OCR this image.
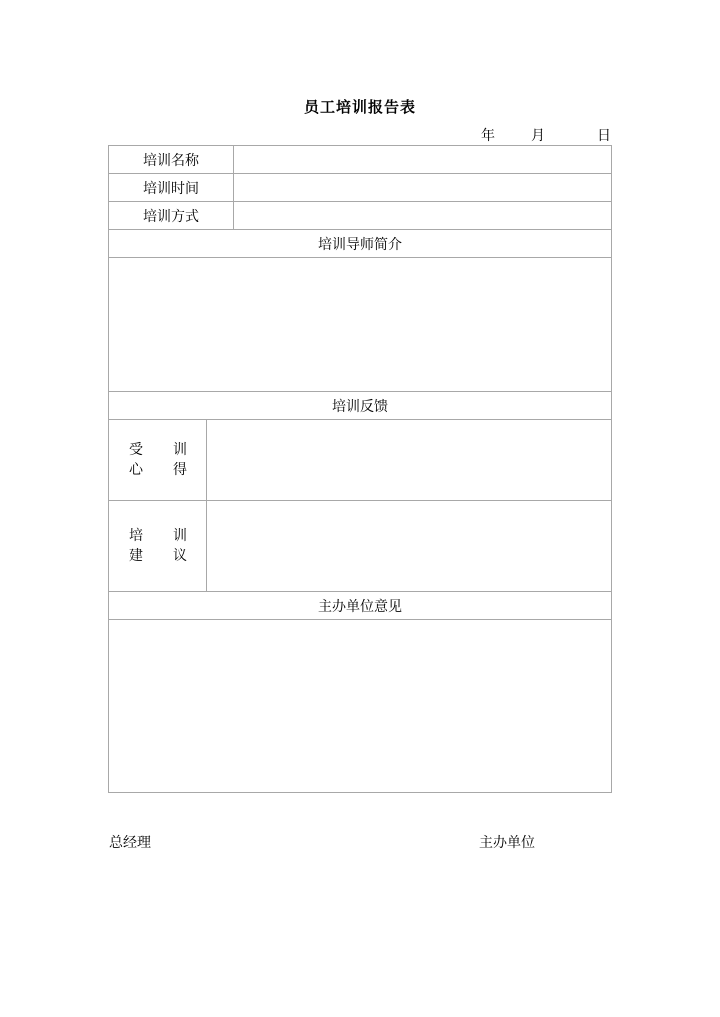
员工培训报告表
年	月	日
培训名称		
培训时间		
培训方式		
培训导师简介		

培训反馈		

受 训
心 得		

培 训
建 议		

主办单位意见		

总经理	主办单位
